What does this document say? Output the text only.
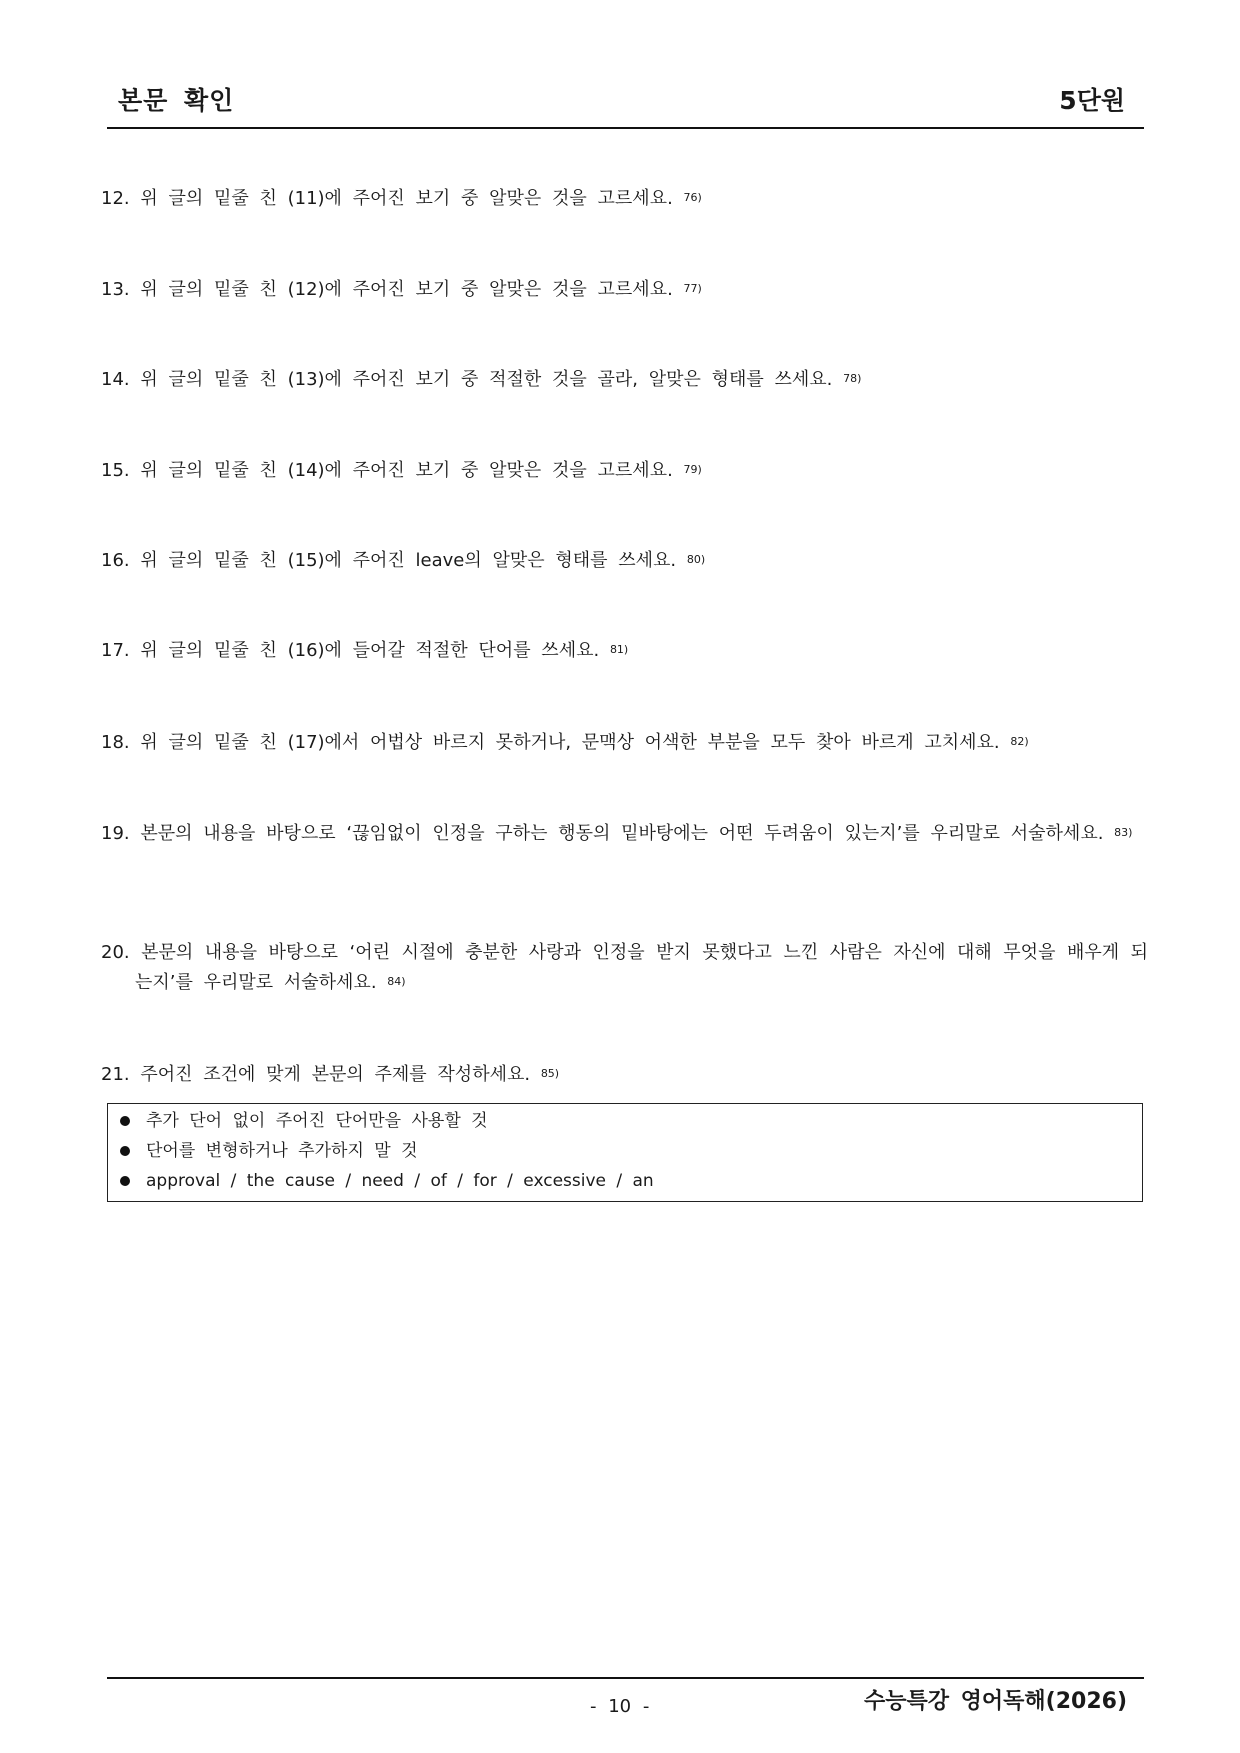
본문 확인	5단원
12. 위 글의 밑줄 친 (11)에 주어진 보기 중 알맞은 것을 고르세요. $^{76)}$
13. 위 글의 밑줄 친 (12)에 주어진 보기 중 알맞은 것을 고르세요. $^{77)}$
14. 위 글의 밑줄 친 (13)에 주어진 보기 중 적절한 것을 골라, 알맞은 형태를 쓰세요. $^{78)}$
15. 위 글의 밑줄 친 (14)에 주어진 보기 중 알맞은 것을 고르세요. $^{79)}$
16. 위 글의 밑줄 친 (15)에 주어진 leave의 알맞은 형태를 쓰세요. $^{80)}$
17. 위 글의 밑줄 친 (16)에 들어갈 적절한 단어를 쓰세요. $^{81)}$
18. 위 글의 밑줄 친 (17)에서 어법상 바르지 못하거나, 문맥상 어색한 부분을 모두 찾아 바르게 고치세요. $^{82)}$
19. 본문의 내용을 바탕으로 ‘끊임없이 인정을 구하는 행동의 밑바탕에는 어떤 두려움이 있는지’를 우리말로 서술하세요. $^{83)}$
20. 본문의 내용을 바탕으로 ‘어린 시절에 충분한 사랑과 인정을 받지 못했다고 느낀 사람은 자신에 대해 무엇을 배우게 되는지’를 우리말로 서술하세요. $^{84)}$
21. 주어진 조건에 맞게 본문의 주제를 작성하세요. $^{85)}$
추가 단어 없이 주어진 단어만을 사용할 것
단어를 변형하거나 추가하지 말 것
approval / the cause / need / of / for / excessive / an
- 10 -	수능특강 영어독해(2026)
